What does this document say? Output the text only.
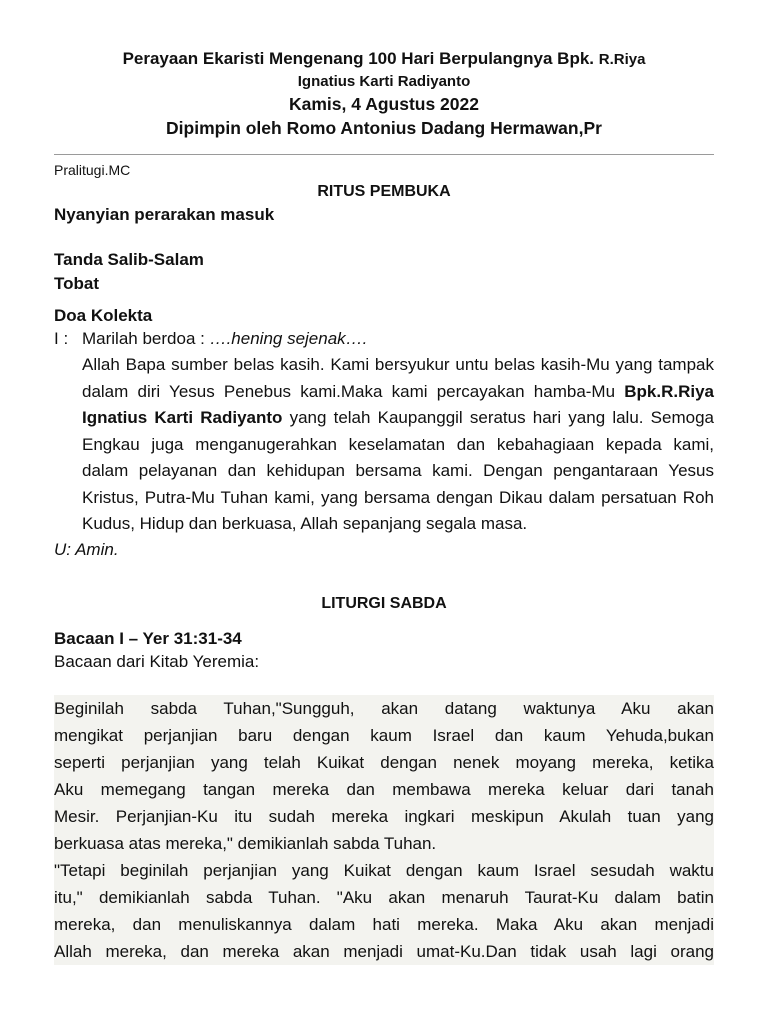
Perayaan Ekaristi Mengenang 100 Hari Berpulangnya Bpk. R.Riya
Ignatius Karti Radiyanto
Kamis, 4 Agustus 2022
Dipimpin oleh Romo Antonius Dadang Hermawan,Pr
Pralitugi.MC
RITUS PEMBUKA
Nyanyian perarakan masuk
Tanda Salib-Salam
Tobat
Doa Kolekta
I : Marilah berdoa : ….hening sejenak….
Allah Bapa sumber belas kasih. Kami bersyukur untu belas kasih-Mu yang tampak dalam diri Yesus Penebus kami.Maka kami percayakan hamba-Mu Bpk.R.Riya Ignatius Karti Radiyanto yang telah Kaupanggil seratus hari yang lalu. Semoga Engkau juga menganugerahkan keselamatan dan kebahagiaan kepada kami, dalam pelayanan dan kehidupan bersama kami. Dengan pengantaraan Yesus Kristus, Putra-Mu Tuhan kami, yang bersama dengan Dikau dalam persatuan Roh Kudus, Hidup dan berkuasa, Allah sepanjang segala masa.
U: Amin.
LITURGI SABDA
Bacaan I – Yer 31:31-34
Bacaan dari Kitab Yeremia:
Beginilah sabda Tuhan,"Sungguh, akan datang waktunya Aku akan
mengikat perjanjian baru dengan kaum Israel dan kaum Yehuda,bukan
seperti perjanjian yang telah Kuikat dengan nenek moyang mereka, ketika
Aku memegang tangan mereka dan membawa mereka keluar dari tanah
Mesir. Perjanjian-Ku itu sudah mereka ingkari meskipun Akulah tuan yang
berkuasa atas mereka," demikianlah sabda Tuhan.
"Tetapi beginilah perjanjian yang Kuikat dengan kaum Israel sesudah waktu
itu," demikianlah sabda Tuhan. "Aku akan menaruh Taurat-Ku dalam batin
mereka, dan menuliskannya dalam hati mereka. Maka Aku akan menjadi
Allah mereka, dan mereka akan menjadi umat-Ku.Dan tidak usah lagi orang
